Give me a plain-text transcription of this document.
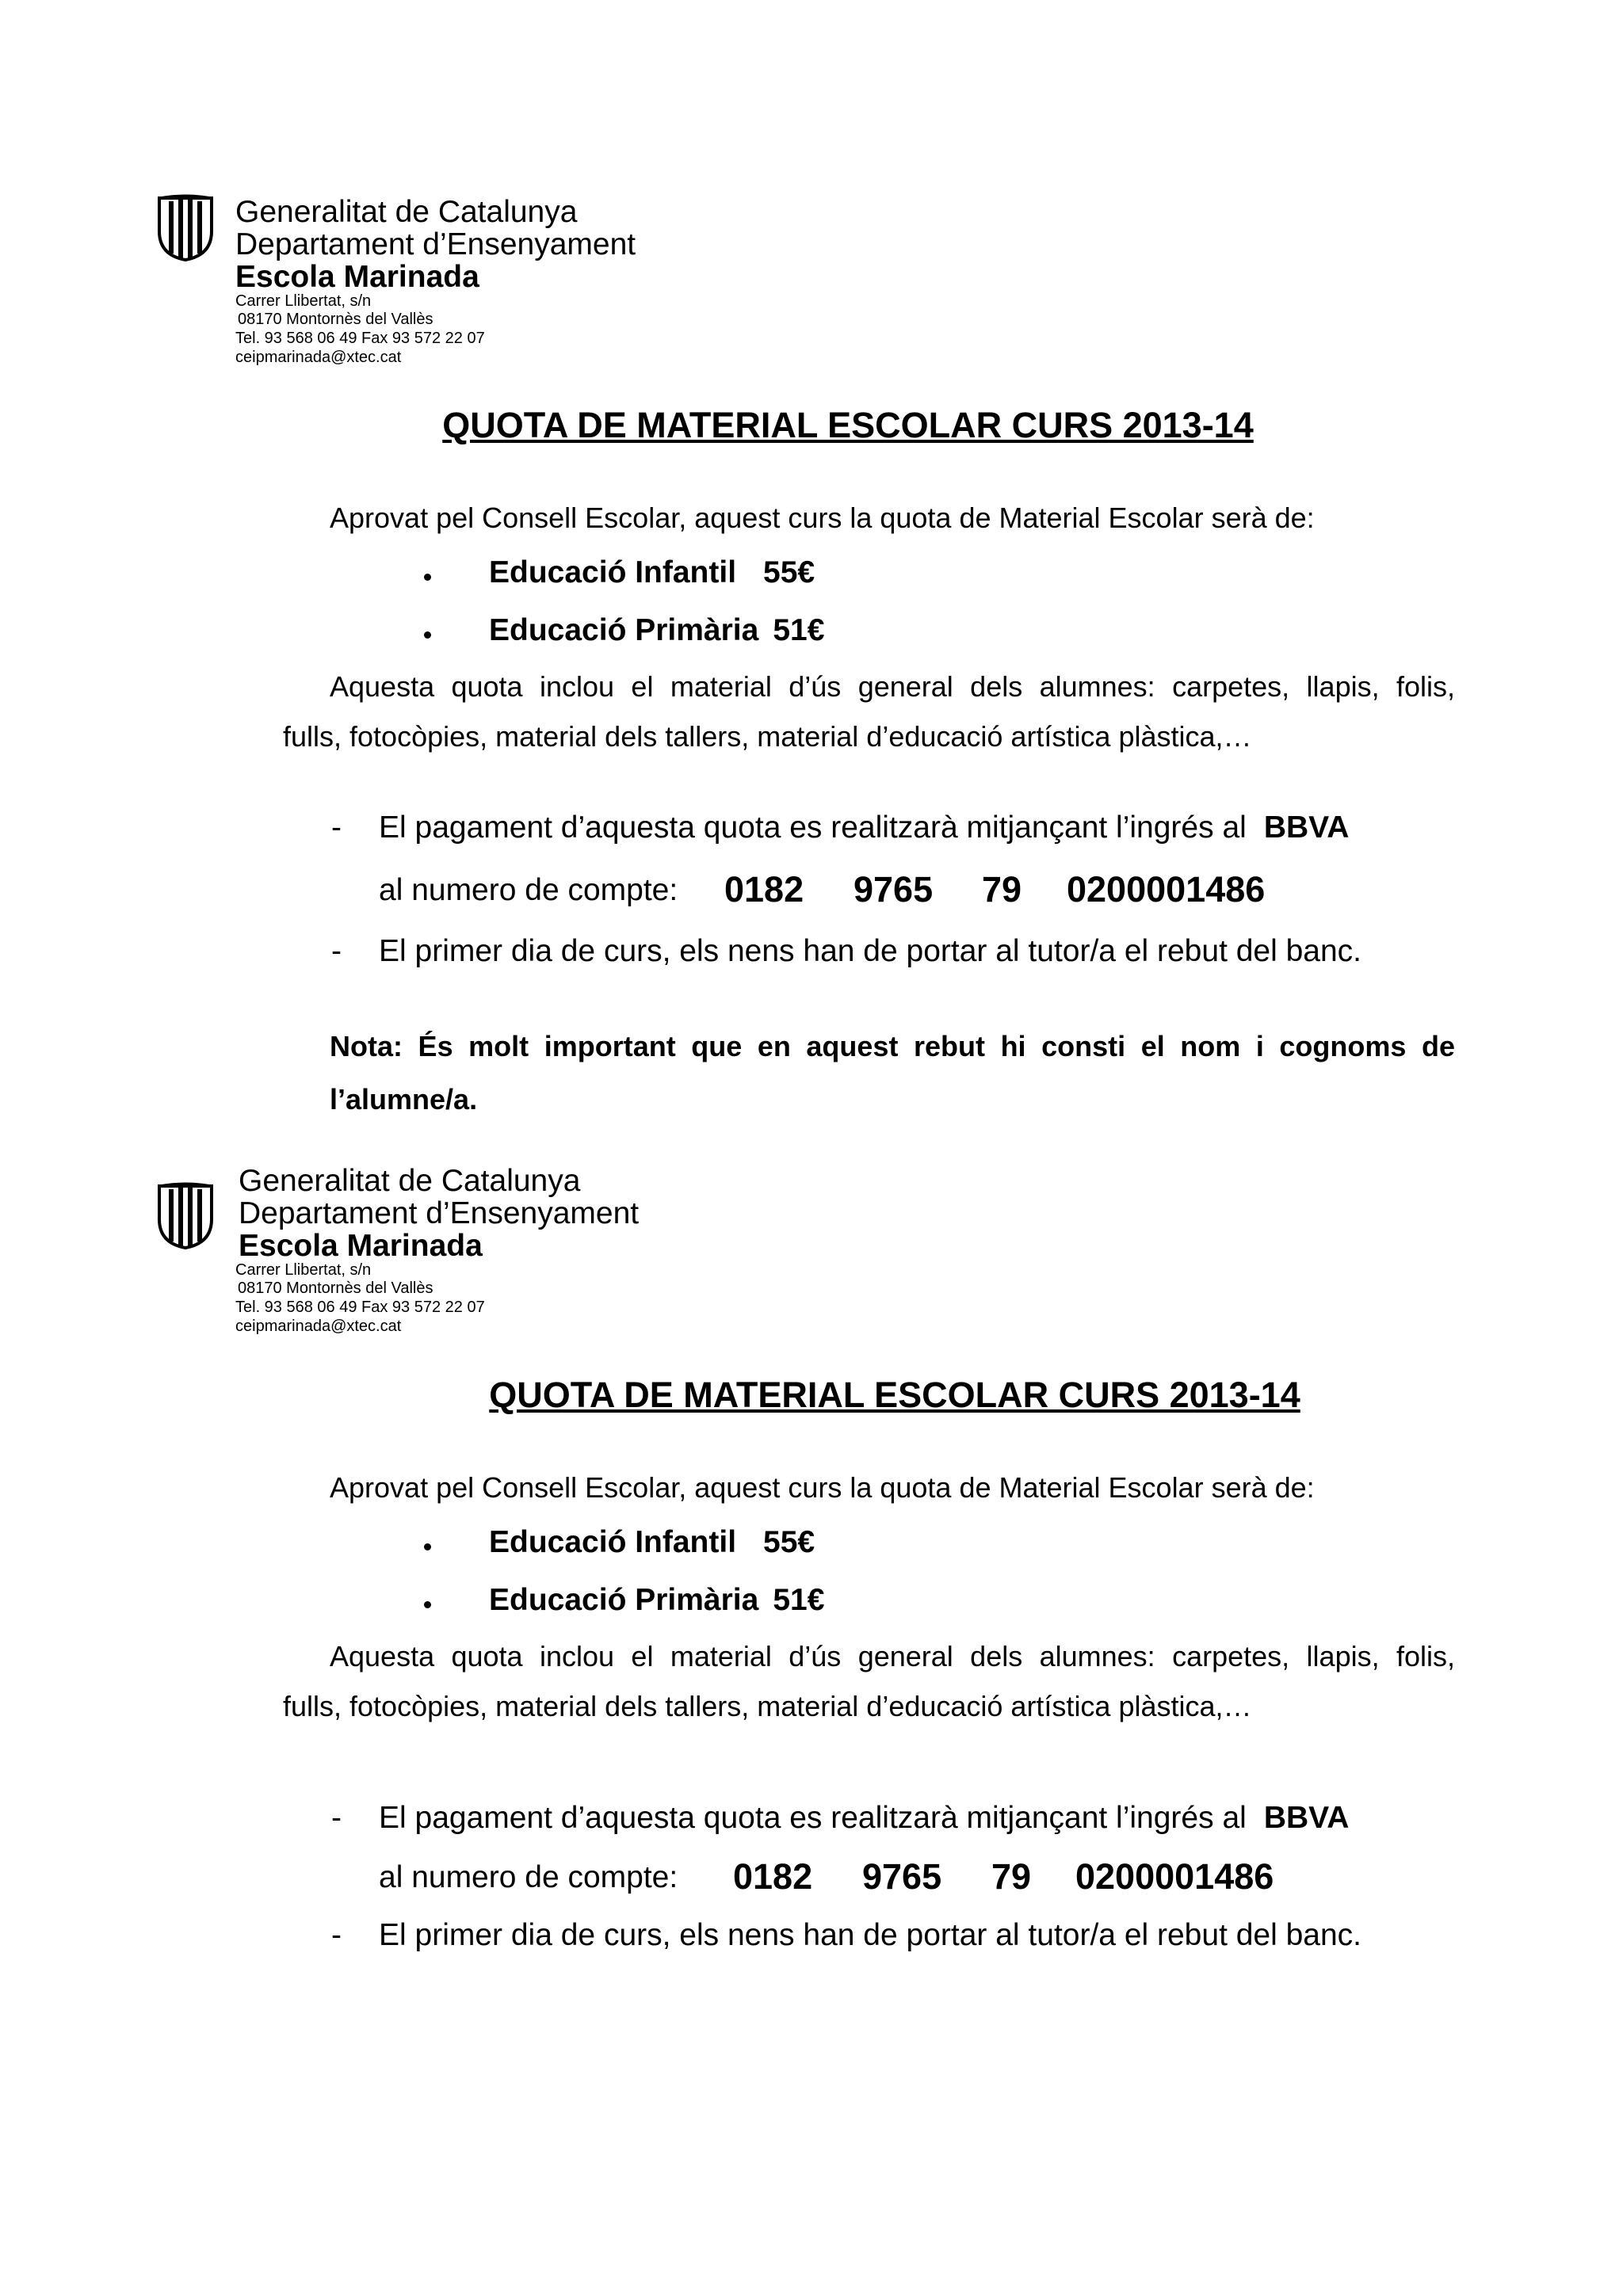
Generalitat de Catalunya
Departament d’Ensenyament
Escola Marinada
Carrer Llibertat, s/n
08170 Montornès del Vallès
Tel. 93 568 06 49 Fax 93 572 22 07
ceipmarinada@xtec.cat
QUOTA DE MATERIAL ESCOLAR CURS 2013-14
Aprovat pel Consell Escolar, aquest curs la quota de Material Escolar serà de:
Educació Infantil 55€
Educació Primària 51€
Aquesta quota inclou el material d’ús general dels alumnes: carpetes, llapis, folis,
fulls, fotocòpies, material dels tallers, material d’educació artística plàstica,…
- El pagament d’aquesta quota es realitzarà mitjançant l’ingrés al BBVA
al numero de compte: 0182 9765 79 0200001486
- El primer dia de curs, els nens han de portar al tutor/a el rebut del banc.
Nota: És molt important que en aquest rebut hi consti el nom i cognoms de
l’alumne/a.
Generalitat de Catalunya
Departament d’Ensenyament
Escola Marinada
Carrer Llibertat, s/n
08170 Montornès del Vallès
Tel. 93 568 06 49 Fax 93 572 22 07
ceipmarinada@xtec.cat
QUOTA DE MATERIAL ESCOLAR CURS 2013-14
Aprovat pel Consell Escolar, aquest curs la quota de Material Escolar serà de:
Educació Infantil 55€
Educació Primària 51€
Aquesta quota inclou el material d’ús general dels alumnes: carpetes, llapis, folis,
fulls, fotocòpies, material dels tallers, material d’educació artística plàstica,…
- El pagament d’aquesta quota es realitzarà mitjançant l’ingrés al BBVA
al numero de compte: 0182 9765 79 0200001486
- El primer dia de curs, els nens han de portar al tutor/a el rebut del banc.
